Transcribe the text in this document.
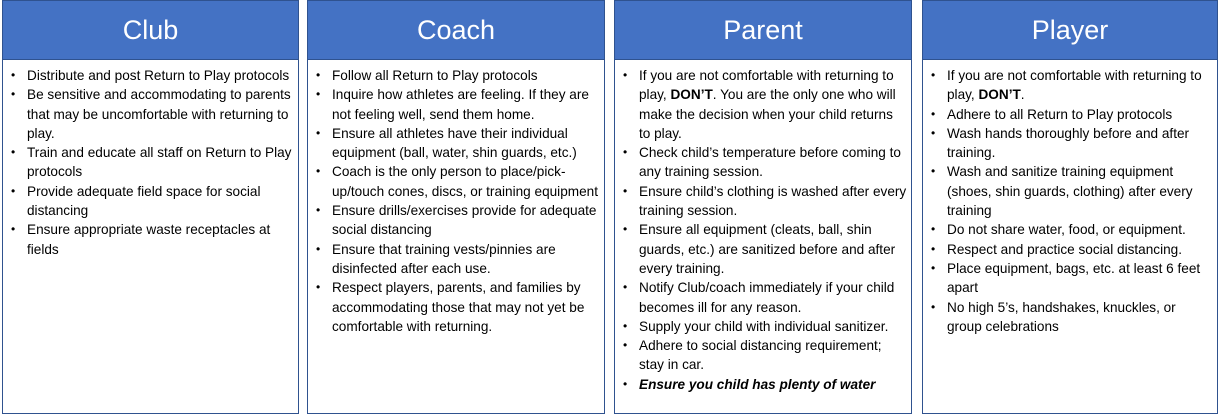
Club
• Distribute and post Return to Play protocols
• Be sensitive and accommodating to parents that may be uncomfortable with returning to play.
• Train and educate all staff on Return to Play protocols
• Provide adequate field space for social distancing
• Ensure appropriate waste receptacles at fields
Coach
• Follow all Return to Play protocols
• Inquire how athletes are feeling. If they are not feeling well, send them home.
• Ensure all athletes have their individual equipment (ball, water, shin guards, etc.)
• Coach is the only person to place/pick-up/touch cones, discs, or training equipment
• Ensure drills/exercises provide for adequate social distancing
• Ensure that training vests/pinnies are disinfected after each use.
• Respect players, parents, and families by accommodating those that may not yet be comfortable with returning.
Parent
• If you are not comfortable with returning to play, DON’T. You are the only one who will make the decision when your child returns to play.
• Check child’s temperature before coming to any training session.
• Ensure child’s clothing is washed after every training session.
• Ensure all equipment (cleats, ball, shin guards, etc.) are sanitized before and after every training.
• Notify Club/coach immediately if your child becomes ill for any reason.
• Supply your child with individual sanitizer.
• Adhere to social distancing requirement; stay in car.
• Ensure you child has plenty of water
Player
• If you are not comfortable with returning to play, DON’T.
• Adhere to all Return to Play protocols
• Wash hands thoroughly before and after training.
• Wash and sanitize training equipment (shoes, shin guards, clothing) after every training
• Do not share water, food, or equipment.
• Respect and practice social distancing.
• Place equipment, bags, etc. at least 6 feet apart
• No high 5’s, handshakes, knuckles, or group celebrations
